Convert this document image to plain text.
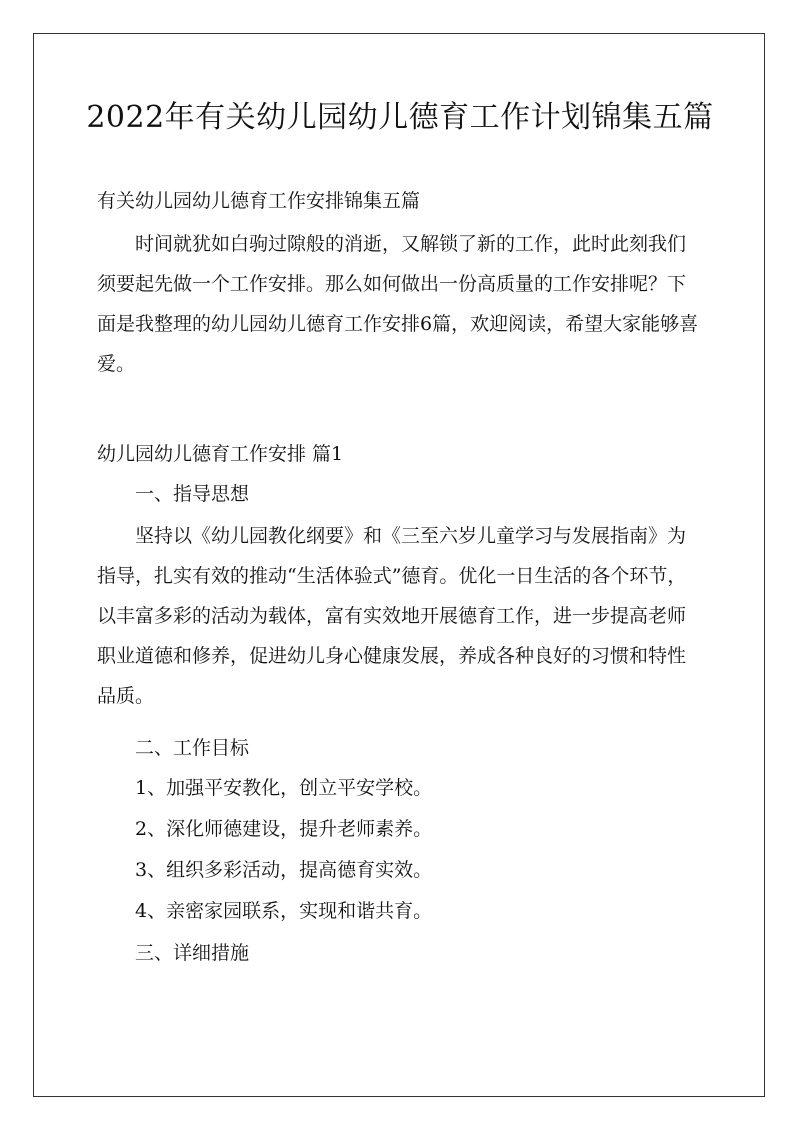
2022年有关幼儿园幼儿德育工作计划锦集五篇
有关幼儿园幼儿德育工作安排锦集五篇
时间就犹如白驹过隙般的消逝，又解锁了新的工作，此时此刻我们须要起先做一个工作安排。那么如何做出一份高质量的工作安排呢？下面是我整理的幼儿园幼儿德育工作安排6篇，欢迎阅读，希望大家能够喜爱。
幼儿园幼儿德育工作安排 篇1
一、指导思想
坚持以《幼儿园教化纲要》和《三至六岁儿童学习与发展指南》为指导，扎实有效的推动“生活体验式”德育。优化一日生活的各个环节，以丰富多彩的活动为载体，富有实效地开展德育工作，进一步提高老师职业道德和修养，促进幼儿身心健康发展，养成各种良好的习惯和特性品质。
二、工作目标
1、加强平安教化，创立平安学校。
2、深化师德建设，提升老师素养。
3、组织多彩活动，提高德育实效。
4、亲密家园联系，实现和谐共育。
三、详细措施
